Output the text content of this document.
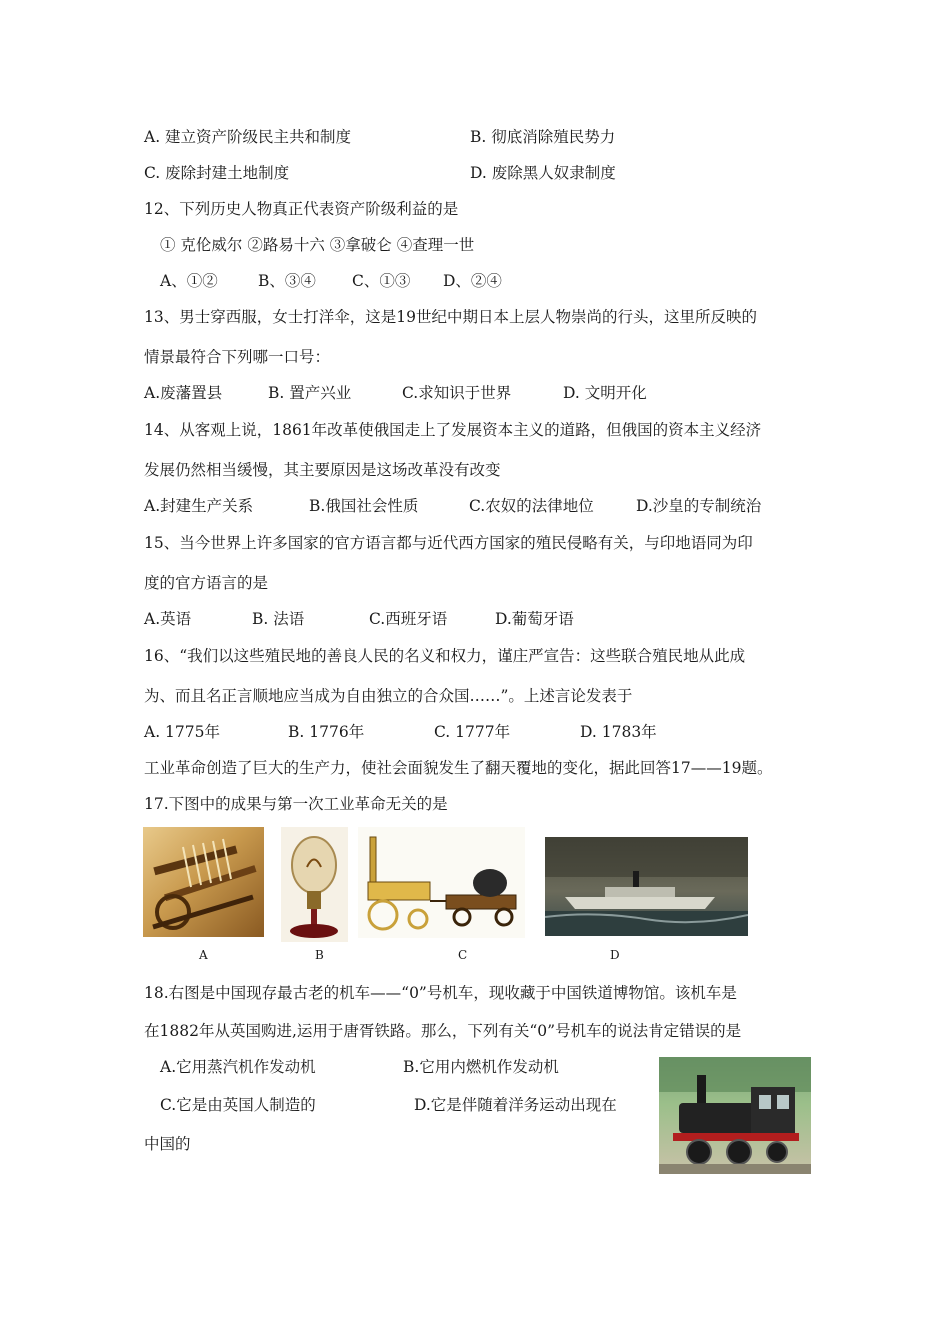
A. 建立资产阶级民主共和制度	B. 彻底消除殖民势力
C. 废除封建土地制度	D. 废除黑人奴隶制度
12、下列历史人物真正代表资产阶级利益的是
① 克伦威尔 ②路易十六 ③拿破仑 ④查理一世
A、①②	B、③④ C、①③ D、②④
13、男士穿西服，女士打洋伞，这是19世纪中期日本上层人物崇尚的行头，这里所反映的
情景最符合下列哪一口号：
A.废藩置县	B. 置产兴业	C.求知识于世界	D. 文明开化
14、从客观上说，1861年改革使俄国走上了发展资本主义的道路，但俄国的资本主义经济
发展仍然相当缓慢，其主要原因是这场改革没有改变
A.封建生产关系	B.俄国社会性质	C.农奴的法律地位	D.沙皇的专制统治
15、当今世界上许多国家的官方语言都与近代西方国家的殖民侵略有关，与印地语同为印
度的官方语言的是
A.英语	B. 法语	C.西班牙语	D.葡萄牙语
16、“我们以这些殖民地的善良人民的名义和权力，谨庄严宣告：这些联合殖民地从此成
为、而且名正言顺地应当成为自由独立的合众国……”。上述言论发表于
A. 1775年	B. 1776年	C. 1777年	D. 1783年
工业革命创造了巨大的生产力，使社会面貌发生了翻天覆地的变化，据此回答17——19题。
17.下图中的成果与第一次工业革命无关的是
A	B	C	D
18.右图是中国现存最古老的机车——“0”号机车，现收藏于中国铁道博物馆。该机车是
在1882年从英国购进,运用于唐胥铁路。那么，下列有关“0”号机车的说法肯定错误的是
A.它用蒸汽机作发动机	B.它用内燃机作发动机
C.它是由英国人制造的	D.它是伴随着洋务运动出现在
中国的
